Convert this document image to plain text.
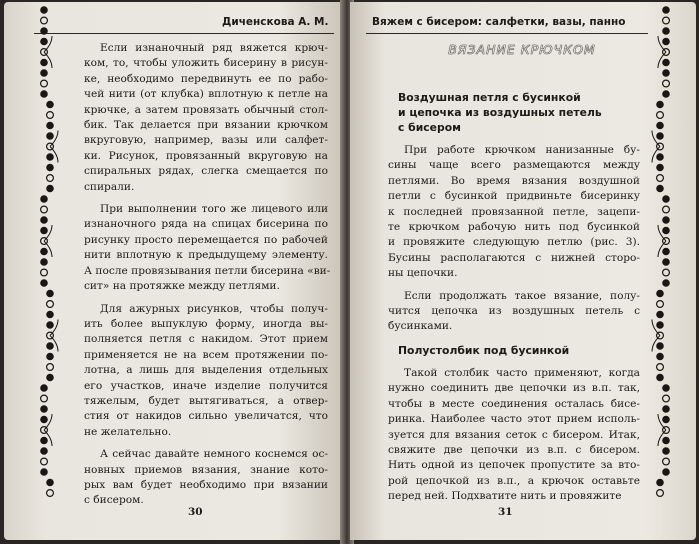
Диченскова А. М.
Если изнаночный ряд вяжется крюч-
ком, то, чтобы уложить бисерину в рисун-
ке, необходимо передвинуть ее по рабо-
чей нити (от клубка) вплотную к петле на
крючке, а затем провязать обычный стол-
бик. Так делается при вязании крючком
вкруговую, например, вазы или салфет-
ки. Рисунок, провязанный вкруговую на
спиральных рядах, слегка смещается по
спирали.
При выполнении того же лицевого или
изнаночного ряда на спицах бисерина по
рисунку просто перемещается по рабочей
нити вплотную к предыдущему элементу.
А после провязывания петли бисерина «ви-
сит» на протяжке между петлями.
Для ажурных рисунков, чтобы получ-
ить более выпуклую форму, иногда вы-
полняется петля с накидом. Этот прием
применяется не на всем протяжении по-
лотна, а лишь для выделения отдельных
его участков, иначе изделие получится
тяжелым, будет вытягиваться, а отвер-
стия от накидов сильно увеличатся, что
не желательно.
А сейчас давайте немного коснемся ос-
новных приемов вязания, знание кото-
рых вам будет необходимо при вязании
с бисером.
30
Вяжем с бисером: салфетки, вазы, панно
ВЯЗАНИЕ КРЮЧКОМ
Воздушная петля с бусинкой
и цепочка из воздушных петель
с бисером
При работе крючком нанизанные бу-
сины чаще всего размещаются между
петлями. Во время вязания воздушной
петли с бусинкой придвиньте бисеринку
к последней провязанной петле, зацепи-
те крючком рабочую нить под бусинкой
и провяжите следующую петлю (рис. 3).
Бусины располагаются с нижней сторо-
ны цепочки.
Если продолжать такое вязание, полу-
чится цепочка из воздушных петель с
бусинками.
Полустолбик под бусинкой
Такой столбик часто применяют, когда
нужно соединить две цепочки из в.п. так,
чтобы в месте соединения осталась бисе-
ринка. Наиболее часто этот прием исполь-
зуется для вязания сеток с бисером. Итак,
свяжите две цепочки из в.п. с бисером.
Нить одной из цепочек пропустите за вто-
рой цепочкой из в.п., а крючок оставьте
перед ней. Подхватите нить и провяжите
31
